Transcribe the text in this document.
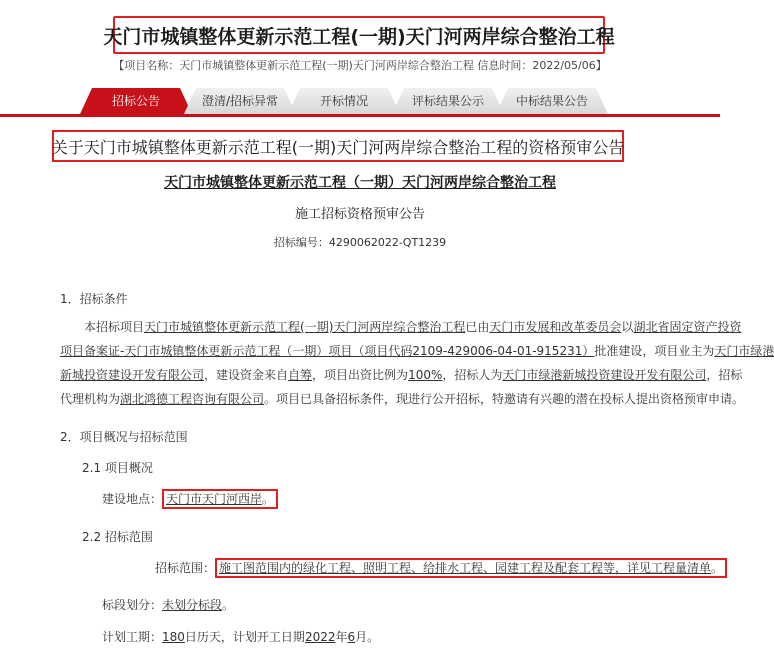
天门市城镇整体更新示范工程(一期)天门河两岸综合整治工程
【项目名称：天门市城镇整体更新示范工程(一期)天门河两岸综合整治工程 信息时间：2022/05/06】
招标公告	澄清/招标异常	开标情况	评标结果公示	中标结果公告
关于天门市城镇整体更新示范工程(一期)天门河两岸综合整治工程的资格预审公告
天门市城镇整体更新示范工程（一期）天门河两岸综合整治工程
施工招标资格预审公告
招标编号：4290062022-QT1239
1．招标条件

本招标项目天门市城镇整体更新示范工程(一期)天门河两岸综合整治工程已由天门市发展和改革委员会以湖北省固定资产投资

项目备案证-天门市城镇整体更新示范工程（一期）项目（项目代码2109-429006-04-01-915231）批准建设，项目业主为天门市绿港

新城投资建设开发有限公司，建设资金来自自筹，项目出资比例为100%，招标人为天门市绿港新城投资建设开发有限公司，招标

代理机构为湖北鸿德工程咨询有限公司。项目已具备招标条件，现进行公开招标，特邀请有兴趣的潜在投标人提出资格预审申请。

2．项目概况与招标范围
2.1 项目概况
建设地点： 天门市天门河西岸。
2.2 招标范围
招标范围： 施工图范围内的绿化工程、照明工程、给排水工程、园建工程及配套工程等，详见工程量清单。
标段划分：未划分标段。
计划工期：180日历天，计划开工日期2022年6月。
